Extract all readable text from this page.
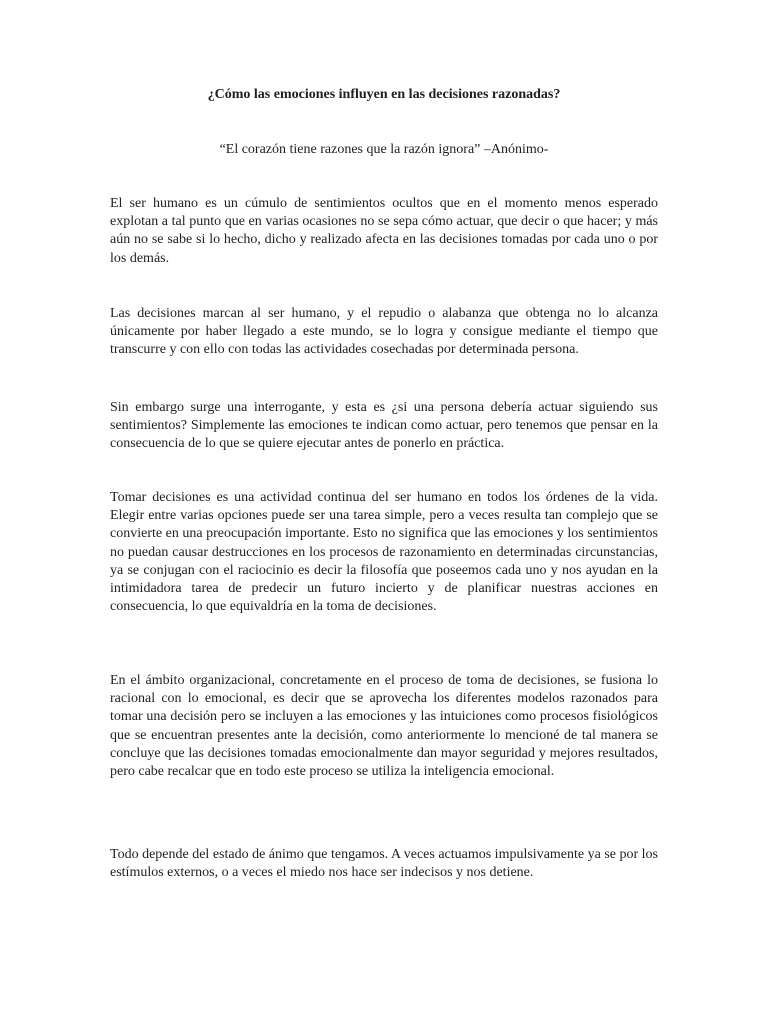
¿Cómo las emociones influyen en las decisiones razonadas?

“El corazón tiene razones que la razón ignora” –Anónimo-

El ser humano es un cúmulo de sentimientos ocultos que en el momento menos esperado explotan a tal punto que en varias ocasiones no se sepa cómo actuar, que decir o que hacer; y más aún no se sabe si lo hecho, dicho y realizado afecta en las decisiones tomadas por cada uno o por los demás.

Las decisiones marcan al ser humano, y el repudio o alabanza que obtenga no lo alcanza únicamente por haber llegado a este mundo, se lo logra y consigue mediante el tiempo que transcurre y con ello con todas las actividades cosechadas por determinada persona.

Sin embargo surge una interrogante, y esta es ¿si una persona debería actuar siguiendo sus sentimientos? Simplemente las emociones te indican como actuar, pero tenemos que pensar en la consecuencia de lo que se quiere ejecutar antes de ponerlo en práctica.

Tomar decisiones es una actividad continua del ser humano en todos los órdenes de la vida. Elegir entre varias opciones puede ser una tarea simple, pero a veces resulta tan complejo que se convierte en una preocupación importante. Esto no significa que las emociones y los sentimientos no puedan causar destrucciones en los procesos de razonamiento en determinadas circunstancias, ya se conjugan con el raciocinio es decir la filosofía que poseemos cada uno y nos ayudan en la intimidadora tarea de predecir un futuro incierto y de planificar nuestras acciones en consecuencia, lo que equivaldría en la toma de decisiones.

En el ámbito organizacional, concretamente en el proceso de toma de decisiones, se fusiona lo racional con lo emocional, es decir que se aprovecha los diferentes modelos razonados para tomar una decisión pero se incluyen a las emociones y las intuiciones como procesos fisiológicos que se encuentran presentes ante la decisión, como anteriormente lo mencioné de tal manera se concluye que las decisiones tomadas emocionalmente dan mayor seguridad y mejores resultados, pero cabe recalcar que en todo este proceso se utiliza la inteligencia emocional.

Todo depende del estado de ánimo que tengamos. A veces actuamos impulsivamente ya se por los estímulos externos, o a veces el miedo nos hace ser indecisos y nos detiene.
